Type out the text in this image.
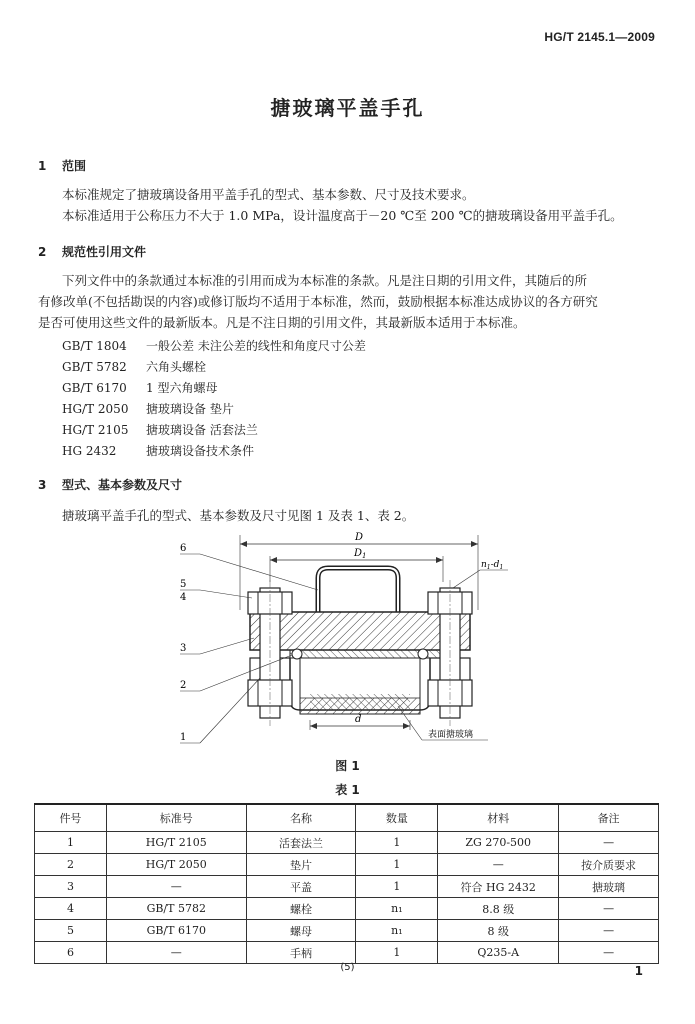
HG/T 2145.1—2009
搪玻璃平盖手孔
1 范围
本标准规定了搪玻璃设备用平盖手孔的型式、基本参数、尺寸及技术要求。
本标准适用于公称压力不大于 1.0 MPa，设计温度高于－20 ℃至 200 ℃的搪玻璃设备用平盖手孔。
2 规范性引用文件
下列文件中的条款通过本标准的引用而成为本标准的条款。凡是注日期的引用文件，其随后的所
有修改单(不包括勘误的内容)或修订版均不适用于本标准，然而，鼓励根据本标准达成协议的各方研究
是否可使用这些文件的最新版本。凡是不注日期的引用文件，其最新版本适用于本标准。
GB/T 1804 一般公差 未注公差的线性和角度尺寸公差
GB/T 5782 六角头螺栓
GB/T 6170 1 型六角螺母
HG/T 2050 搪玻璃设备 垫片
HG/T 2105 搪玻璃设备 活套法兰
HG 2432 搪玻璃设备技术条件
3 型式、基本参数及尺寸
搪玻璃平盖手孔的型式、基本参数及尺寸见图 1 及表 1、表 2。
D
$D_1$
$n_1-d_1$
d
6
5
4
3
2
1	表面搪玻璃
图 1
表 1
件号	标准号	名称	数量	材料	备注
1	HG/T 2105	活套法兰	1	ZG 270-500	—
2	HG/T 2050	垫片	1	—	按介质要求
3	—	平盖	1	符合 HG 2432	搪玻璃
4	GB/T 5782	螺栓	n₁	8.8 级	—
5	GB/T 6170	螺母	n₁	8 级	—
6	—	手柄	1	Q235-A	—
(5)	1
